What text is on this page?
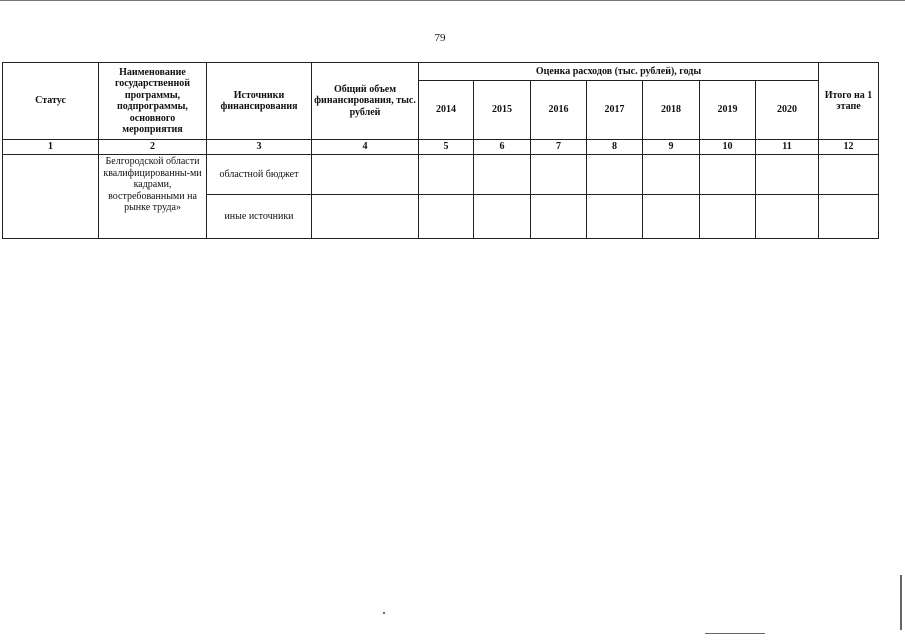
79
Статус	Наименование государственной программы, подпрограммы, основного мероприятия	Источники финансирования	Общий объем финансирования, тыс. рублей	Оценка расходов (тыс. рублей), годы							Итого на 1 этапе
				2014	2015	2016	2017	2018	2019	2020	
1	2	3	4	5	6	7	8	9	10	11	12
	Белгородской области квалифицированны-ми кадрами, востребованными на рынке труда»	областной бюджет									
		иные источники									
